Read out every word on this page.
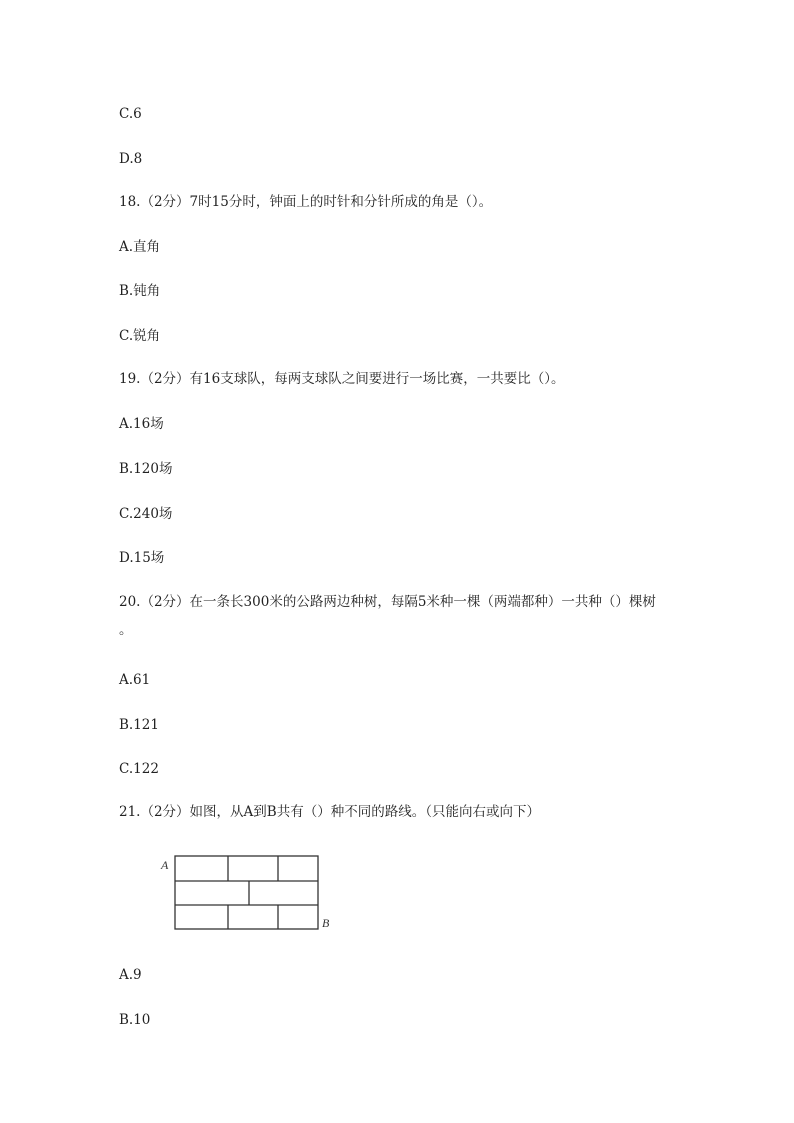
C.6
D.8
18.（2分）7时15分时，钟面上的时针和分针所成的角是（）。
A.直角
B.钝角
C.锐角
19.（2分）有16支球队，每两支球队之间要进行一场比赛，一共要比（）。
A.16场
B.120场
C.240场
D.15场
20.（2分）在一条长300米的公路两边种树，每隔5米种一棵（两端都种）一共种（）棵树
。
A.61
B.121
C.122
21.（2分）如图，从A到B共有（）种不同的路线。（只能向右或向下）
A
B
A.9
B.10
